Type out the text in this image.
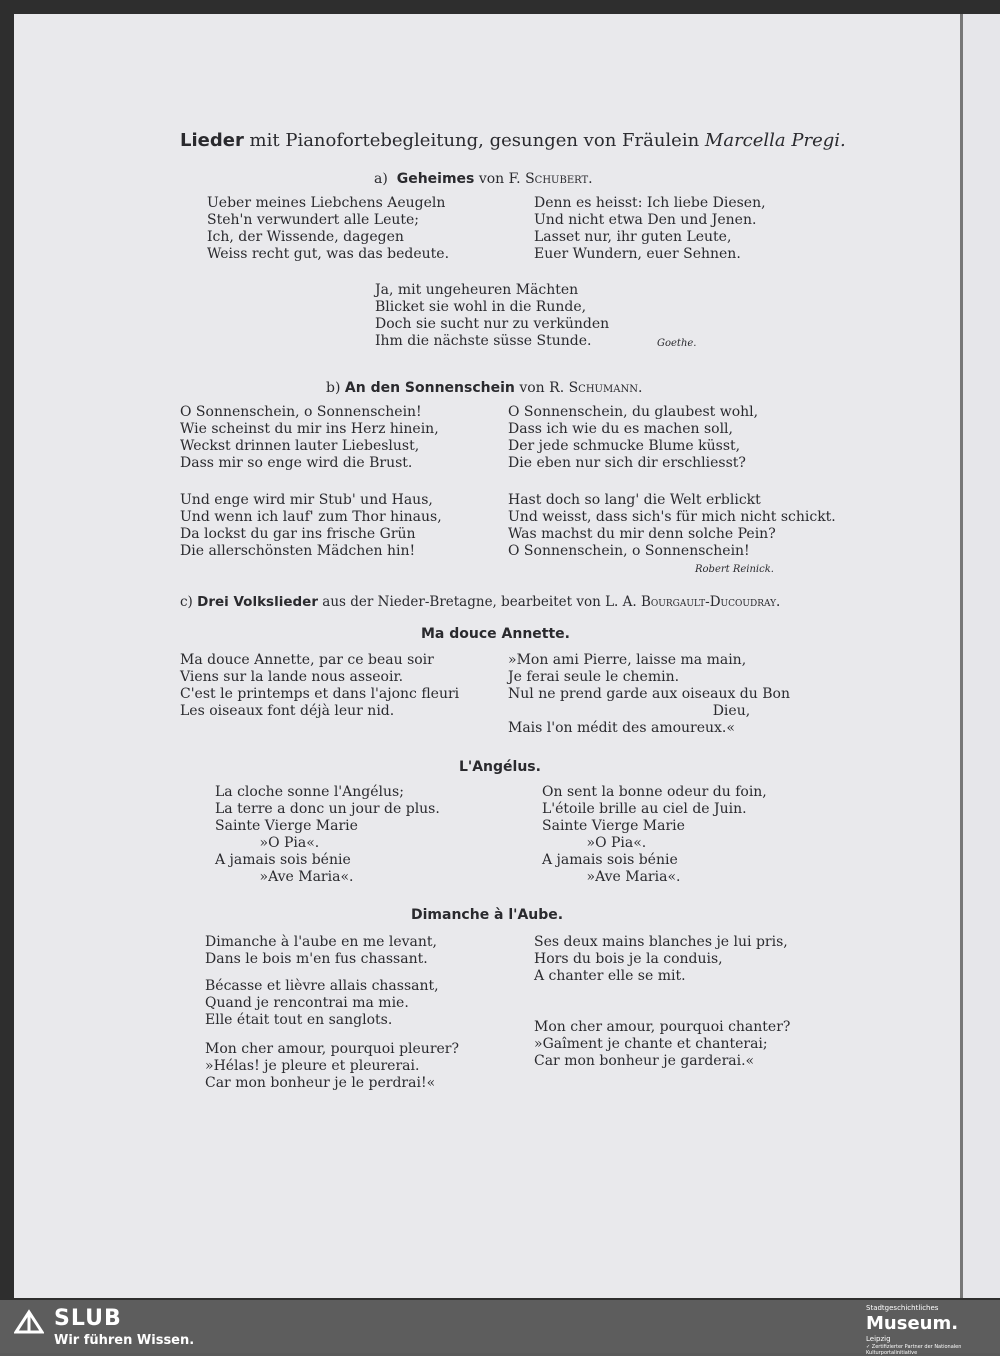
Lieder mit Pianofortebegleitung, gesungen von Fräulein Marcella Pregi.
a) Geheimes von F. Schubert.
Ueber meines Liebchens Aeugeln
Steh'n verwundert alle Leute;
Ich, der Wissende, dagegen
Weiss recht gut, was das bedeute.
Denn es heisst: Ich liebe Diesen,
Und nicht etwa Den und Jenen.
Lasset nur, ihr guten Leute,
Euer Wundern, euer Sehnen.
Ja, mit ungeheuren Mächten
Blicket sie wohl in die Runde,
Doch sie sucht nur zu verkünden
Ihm die nächste süsse Stunde.	Goethe.
b) An den Sonnenschein von R. Schumann.
O Sonnenschein, o Sonnenschein!
Wie scheinst du mir ins Herz hinein,
Weckst drinnen lauter Liebeslust,
Dass mir so enge wird die Brust.
O Sonnenschein, du glaubest wohl,
Dass ich wie du es machen soll,
Der jede schmucke Blume küsst,
Die eben nur sich dir erschliesst?
Und enge wird mir Stub' und Haus,
Und wenn ich lauf' zum Thor hinaus,
Da lockst du gar ins frische Grün
Die allerschönsten Mädchen hin!
Hast doch so lang' die Welt erblickt
Und weisst, dass sich's für mich nicht schickt.
Was machst du mir denn solche Pein?
O Sonnenschein, o Sonnenschein!
Robert Reinick.
c) Drei Volkslieder aus der Nieder-Bretagne, bearbeitet von L. A. Bourgault-Ducoudray.
Ma douce Annette.
Ma douce Annette, par ce beau soir
Viens sur la lande nous asseoir.
C'est le printemps et dans l'ajonc fleuri
Les oiseaux font déjà leur nid.
»Mon ami Pierre, laisse ma main,
Je ferai seule le chemin.
Nul ne prend garde aux oiseaux du Bon
Dieu,
Mais l'on médit des amoureux.«
L'Angélus.
La cloche sonne l'Angélus;
La terre a donc un jour de plus.
Sainte Vierge Marie
»O Pia«.
A jamais sois bénie
»Ave Maria«.
On sent la bonne odeur du foin,
L'étoile brille au ciel de Juin.
Sainte Vierge Marie
»O Pia«.
A jamais sois bénie
»Ave Maria«.
Dimanche à l'Aube.
Dimanche à l'aube en me levant,
Dans le bois m'en fus chassant.
Bécasse et lièvre allais chassant,
Quand je rencontrai ma mie.
Elle était tout en sanglots.
Mon cher amour, pourquoi pleurer?
»Hélas! je pleure et pleurerai.
Car mon bonheur je le perdrai!«
Ses deux mains blanches je lui pris,
Hors du bois je la conduis,
A chanter elle se mit.
Mon cher amour, pourquoi chanter?
»Gaîment je chante et chanterai;
Car mon bonheur je garderai.«
SLUB
Wir führen Wissen.
Stadtgeschichtliches
Museum.
Leipzig
✓ Zertifizierter Partner der Nationalen Kulturportalinitiative
